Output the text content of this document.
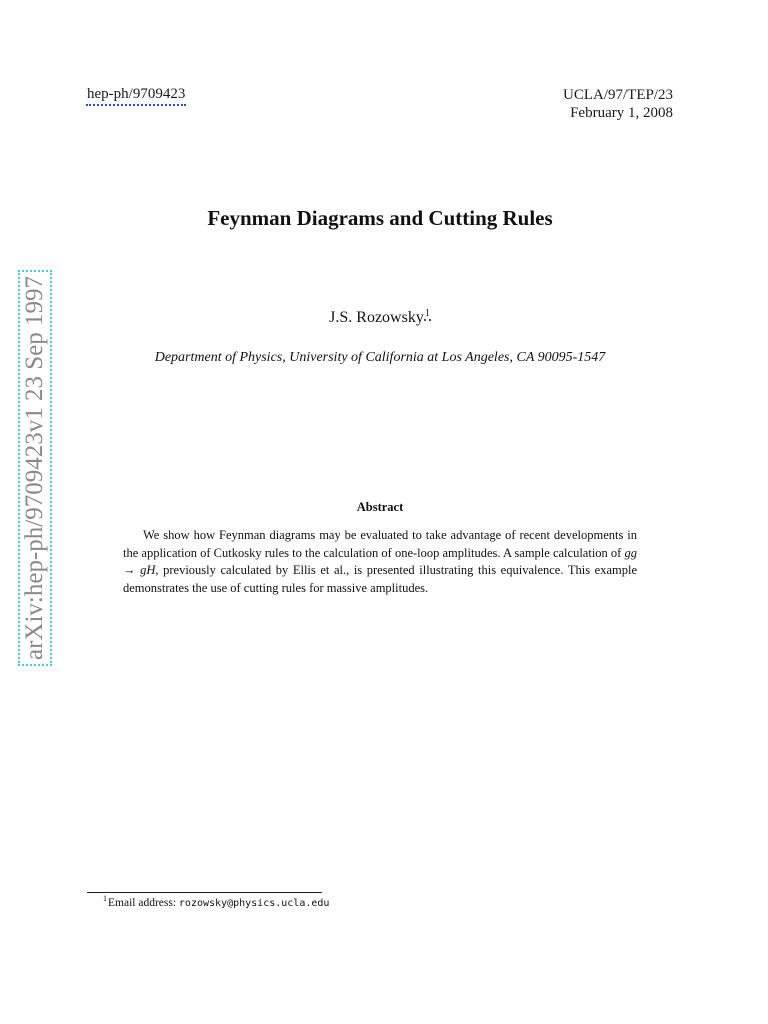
hep-ph/9709423	UCLA/97/TEP/23
February 1, 2008
arXiv:hep-ph/9709423v1 23 Sep 1997
Feynman Diagrams and Cutting Rules
J.S. Rozowsky$^1$
Department of Physics, University of California at Los Angeles, CA 90095-1547
Abstract
We show how Feynman diagrams may be evaluated to take advantage of recent developments in the application of Cutkosky rules to the calculation of one-loop amplitudes. A sample calculation of gg → gH, previously calculated by Ellis et al., is presented illustrating this equivalence. This example demonstrates the use of cutting rules for massive amplitudes.
$^1$Email address: rozowsky@physics.ucla.edu
